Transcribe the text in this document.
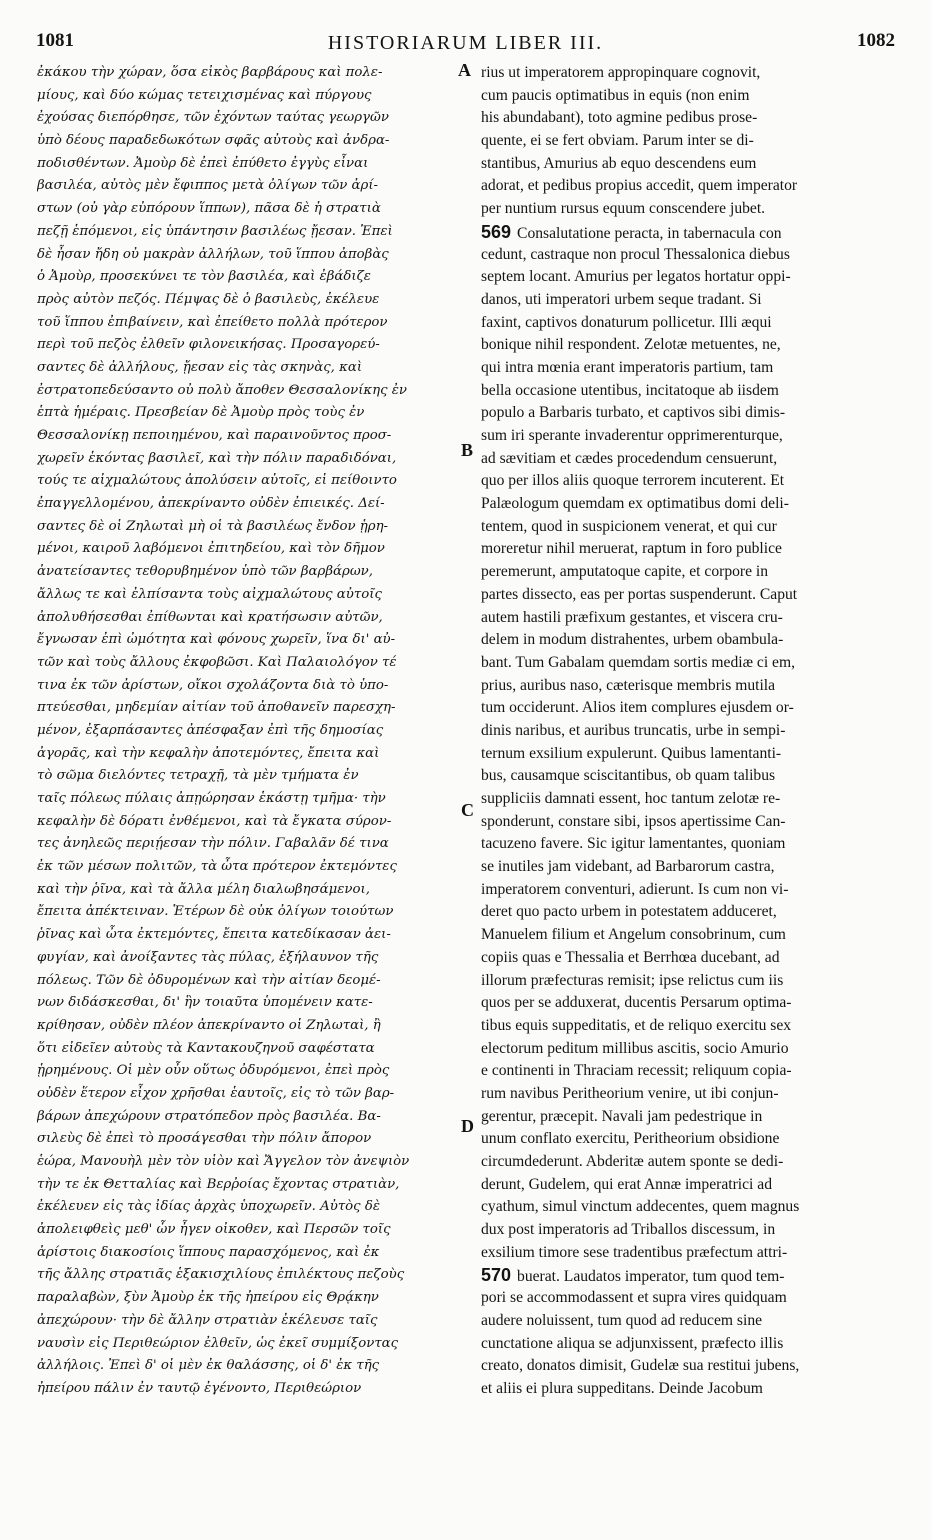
1081	HISTORIARUM LIBER III.	1082
ἐκάκου τὴν χώραν, ὅσα εἰκὸς βαρβάρους καὶ πολε-
μίους, καὶ δύο κώμας τετειχισμένας καὶ πύργους
ἐχούσας διεπόρθησε, τῶν ἐχόντων ταύτας γεωργῶν
ὑπὸ δέους παραδεδωκότων σφᾶς αὐτοὺς καὶ ἀνδρα-
ποδισθέντων. Ἀμοὺρ δὲ ἐπεὶ ἐπύθετο ἐγγὺς εἶναι
βασιλέα, αὐτὸς μὲν ἔφιππος μετὰ ὀλίγων τῶν ἀρί-
στων (οὐ γὰρ εὐπόρουν ἵππων), πᾶσα δὲ ἡ στρατιὰ
πεζῇ ἑπόμενοι, εἰς ὑπάντησιν βασιλέως ᾔεσαν. Ἐπεὶ
δὲ ἦσαν ἤδη οὐ μακρὰν ἀλλήλων, τοῦ ἵππου ἀποβὰς
ὁ Ἀμοὺρ, προσεκύνει τε τὸν βασιλέα, καὶ ἐβάδιζε
πρὸς αὐτὸν πεζός. Πέμψας δὲ ὁ βασιλεὺς, ἐκέλευε
τοῦ ἵππου ἐπιβαίνειν, καὶ ἐπείθετο πολλὰ πρότερον
περὶ τοῦ πεζὸς ἐλθεῖν φιλονεικήσας. Προσαγορεύ-
σαντες δὲ ἀλλήλους, ᾔεσαν εἰς τὰς σκηνὰς, καὶ
ἐστρατοπεδεύσαντο οὐ πολὺ ἄποθεν Θεσσαλονίκης ἐν
ἑπτὰ ἡμέραις. Πρεσβείαν δὲ Ἀμοὺρ πρὸς τοὺς ἐν
Θεσσαλονίκῃ πεποιημένου, καὶ παραινοῦντος προσ-
χωρεῖν ἑκόντας βασιλεῖ, καὶ τὴν πόλιν παραδιδόναι,
τούς τε αἰχμαλώτους ἀπολύσειν αὐτοῖς, εἰ πείθοιντο
ἐπαγγελλομένου, ἀπεκρίναντο οὐδὲν ἐπιεικές. Δεί-
σαντες δὲ οἱ Ζηλωταὶ μὴ οἱ τὰ βασιλέως ἔνδον ᾑρη-
μένοι, καιροῦ λαβόμενοι ἐπιτηδείου, καὶ τὸν δῆμον
ἀνατείσαντες τεθορυβημένον ὑπὸ τῶν βαρβάρων,
ἄλλως τε καὶ ἐλπίσαντα τοὺς αἰχμαλώτους αὐτοῖς
ἀπολυθήσεσθαι ἐπίθωνται καὶ κρατήσωσιν αὐτῶν,
ἔγνωσαν ἐπὶ ὠμότητα καὶ φόνους χωρεῖν, ἵνα δι' αὐ-
τῶν καὶ τοὺς ἄλλους ἐκφοβῶσι. Καὶ Παλαιολόγον τέ
τινα ἐκ τῶν ἀρίστων, οἴκοι σχολάζοντα διὰ τὸ ὑπο-
πτεύεσθαι, μηδεμίαν αἰτίαν τοῦ ἀποθανεῖν παρεσχη-
μένον, ἐξαρπάσαντες ἀπέσφαξαν ἐπὶ τῆς δημοσίας
ἀγορᾶς, καὶ τὴν κεφαλὴν ἀποτεμόντες, ἔπειτα καὶ
τὸ σῶμα διελόντες τετραχῇ, τὰ μὲν τμήματα ἐν
ταῖς πόλεως πύλαις ἀπῃώρησαν ἑκάστῃ τμῆμα· τὴν
κεφαλὴν δὲ δόρατι ἐνθέμενοι, καὶ τὰ ἔγκατα σύρον-
τες ἀνηλεῶς περιῄεσαν τὴν πόλιν. Γαβαλᾶν δέ τινα
ἐκ τῶν μέσων πολιτῶν, τὰ ὦτα πρότερον ἐκτεμόντες
καὶ τὴν ῥῖνα, καὶ τὰ ἄλλα μέλη διαλωβησάμενοι,
ἔπειτα ἀπέκτειναν. Ἑτέρων δὲ οὐκ ὀλίγων τοιούτων
ῥῖνας καὶ ὦτα ἐκτεμόντες, ἔπειτα κατεδίκασαν ἀει-
φυγίαν, καὶ ἀνοίξαντες τὰς πύλας, ἐξήλαυνον τῆς
πόλεως. Τῶν δὲ ὀδυρομένων καὶ τὴν αἰτίαν δεομέ-
νων διδάσκεσθαι, δι' ἣν τοιαῦτα ὑπομένειν κατε-
κρίθησαν, οὐδὲν πλέον ἀπεκρίναντο οἱ Ζηλωταὶ, ἢ
ὅτι εἰδεῖεν αὐτοὺς τὰ Καντακουζηνοῦ σαφέστατα
ᾑρημένους. Οἱ μὲν οὖν οὕτως ὀδυρόμενοι, ἐπεὶ πρὸς
οὐδὲν ἕτερον εἶχον χρῆσθαι ἑαυτοῖς, εἰς τὸ τῶν βαρ-
βάρων ἀπεχώρουν στρατόπεδον πρὸς βασιλέα. Βα-
σιλεὺς δὲ ἐπεὶ τὸ προσάγεσθαι τὴν πόλιν ἄπορον
ἑώρα, Μανουὴλ μὲν τὸν υἱὸν καὶ Ἄγγελον τὸν ἀνεψιὸν
τὴν τε ἐκ Θετταλίας καὶ Βερῤοίας ἔχοντας στρατιὰν,
ἐκέλευεν εἰς τὰς ἰδίας ἀρχὰς ὑποχωρεῖν. Αὐτὸς δὲ
ἀπολειφθεὶς μεθ' ὧν ἦγεν οἰκοθεν, καὶ Περσῶν τοῖς
ἀρίστοις διακοσίοις ἵππους παρασχόμενος, καὶ ἐκ
τῆς ἄλλης στρατιᾶς ἑξακισχιλίους ἐπιλέκτους πεζοὺς
παραλαβὼν, ξὺν Ἀμοὺρ ἐκ τῆς ἠπείρου εἰς Θρᾴκην
ἀπεχώρουν· τὴν δὲ ἄλλην στρατιὰν ἐκέλευσε ταῖς
ναυσὶν εἰς Περιθεώριον ἐλθεῖν, ὡς ἐκεῖ συμμίξοντας
ἀλλήλοις. Ἐπεὶ δ' οἱ μὲν ἐκ θαλάσσης, οἱ δ' ἐκ τῆς
ἠπείρου πάλιν ἐν ταυτῷ ἐγένοντο, Περιθεώριον
rius ut imperatorem appropinquare cognovit,
cum paucis optimatibus in equis (non enim
his abundabant), toto agmine pedibus prose-
quente, ei se fert obviam. Parum inter se di-
stantibus, Amurius ab equo descendens eum
adorat, et pedibus propius accedit, quem imperator
per nuntium rursus equum conscendere jubet.
569 Consalutatione peracta, in tabernacula con
cedunt, castraque non procul Thessalonica diebus
septem locant. Amurius per legatos hortatur oppi-
danos, uti imperatori urbem seque tradant. Si
faxint, captivos donaturum pollicetur. Illi æqui
bonique nihil respondent. Zelotæ metuentes, ne,
qui intra mœnia erant imperatoris partium, tam
bella occasione utentibus, incitatoque ab iisdem
populo a Barbaris turbato, et captivos sibi dimis-
sum iri sperante invaderentur opprimerenturque,
ad sævitiam et cædes procedendum censuerunt,
quo per illos aliis quoque terrorem incuterent. Et
Palæologum quemdam ex optimatibus domi deli-
tentem, quod in suspicionem venerat, et qui cur
moreretur nihil meruerat, raptum in foro publice
peremerunt, amputatoque capite, et corpore in
partes dissecto, eas per portas suspenderunt. Caput
autem hastili præfixum gestantes, et viscera cru-
delem in modum distrahentes, urbem obambula-
bant. Tum Gabalam quemdam sortis mediæ ci em,
prius, auribus naso, cæterisque membris mutila
tum occiderunt. Alios item complures ejusdem or-
dinis naribus, et auribus truncatis, urbe in sempi-
ternum exsilium expulerunt. Quibus lamentanti-
bus, causamque sciscitantibus, ob quam talibus
suppliciis damnati essent, hoc tantum zelotæ re-
sponderunt, constare sibi, ipsos apertissime Can-
tacuzeno favere. Sic igitur lamentantes, quoniam
se inutiles jam videbant, ad Barbarorum castra,
imperatorem conventuri, adierunt. Is cum non vi-
deret quo pacto urbem in potestatem adduceret,
Manuelem filium et Angelum consobrinum, cum
copiis quas e Thessalia et Berrhœa ducebant, ad
illorum præfecturas remisit; ipse relictus cum iis
quos per se adduxerat, ducentis Persarum optima-
tibus equis suppeditatis, et de reliquo exercitu sex
electorum peditum millibus ascitis, socio Amurio
e continenti in Thraciam recessit; reliquum copia-
rum navibus Peritheorium venire, ut ibi conjun-
gerentur, præcepit. Navali jam pedestrique in
unum conflato exercitu, Peritheorium obsidione
circumdederunt. Abderitæ autem sponte se dedi-
derunt, Gudelem, qui erat Annæ imperatrici ad
cyathum, simul vinctum addecentes, quem magnus
dux post imperatoris ad Triballos discessum, in
exsilium timore sese tradentibus præfectum attri-
570 buerat. Laudatos imperator, tum quod tem-
pori se accommodassent et supra vires quidquam
audere noluissent, tum quod ad reducem sine
cunctatione aliqua se adjunxissent, præfecto illis
creato, donatos dimisit, Gudelæ sua restitui jubens,
et aliis ei plura suppeditans. Deinde Jacobum
A
B
C
D
